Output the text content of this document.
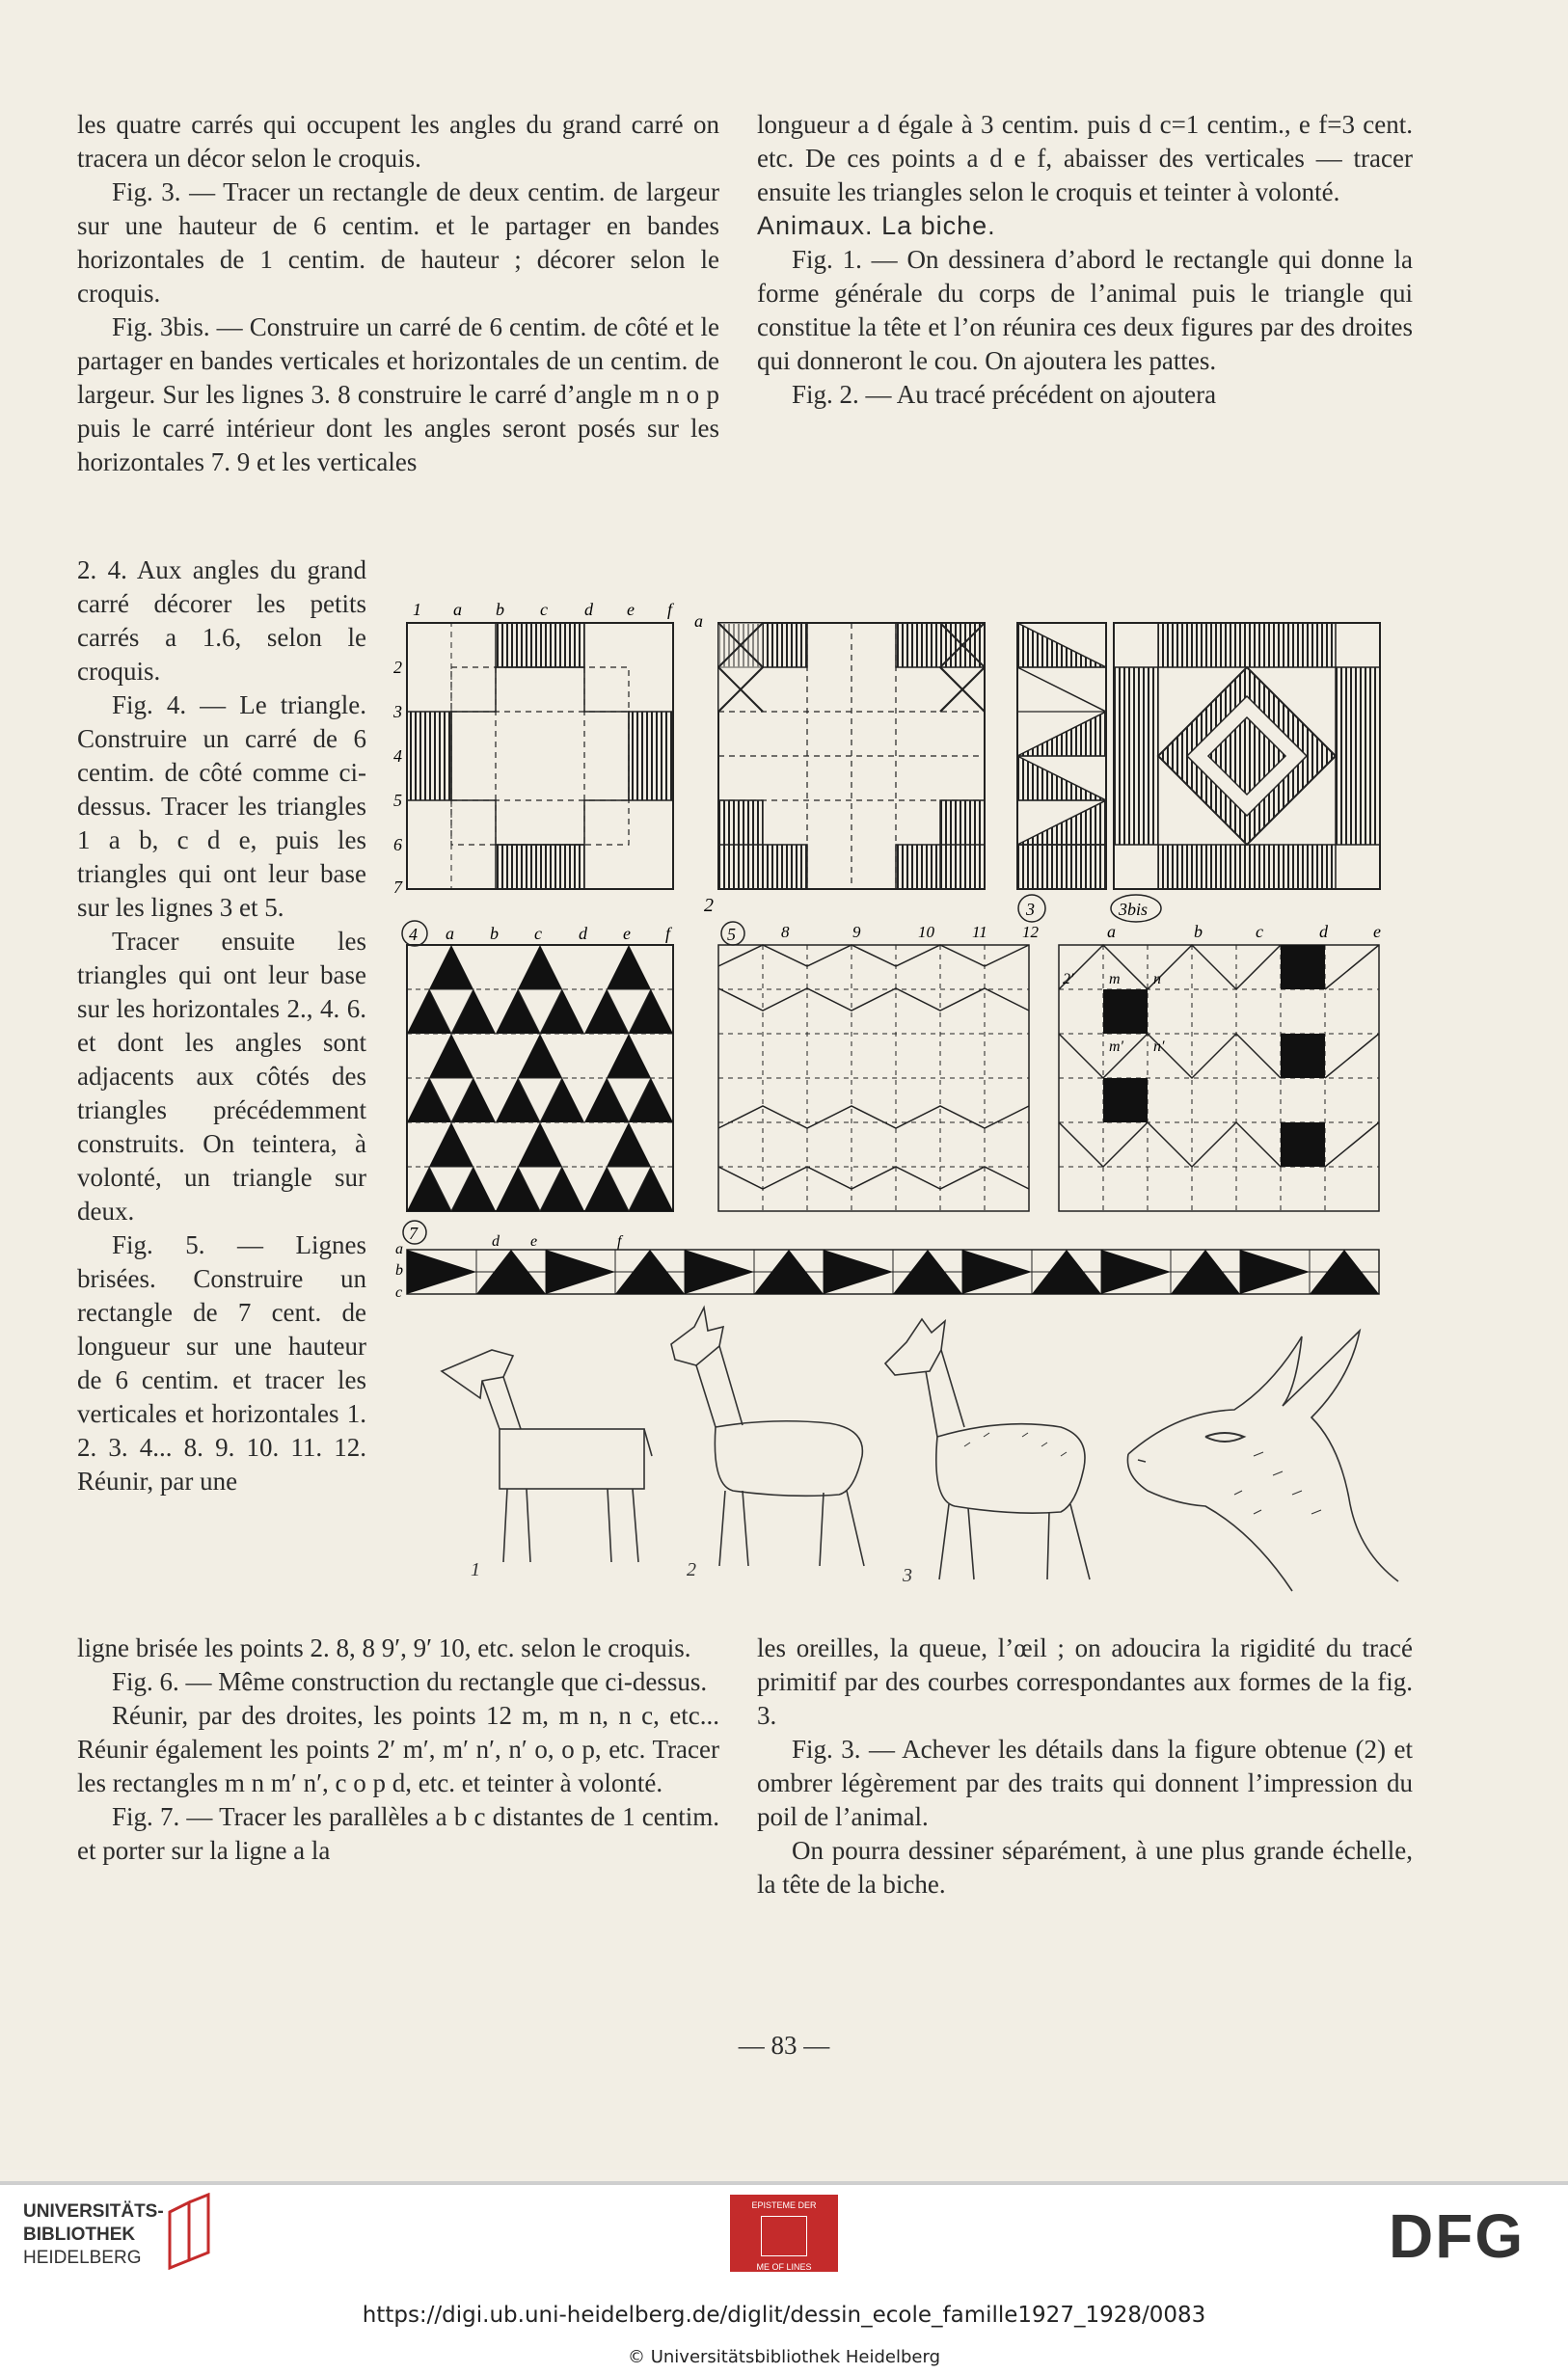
les quatre carrés qui occupent les angles du grand carré on tracera un décor selon le croquis.

Fig. 3. — Tracer un rectangle de deux centim. de largeur sur une hauteur de 6 centim. et le partager en bandes horizontales de 1 centim. de hauteur ; décorer selon le croquis.

Fig. 3bis. — Construire un carré de 6 centim. de côté et le partager en bandes verticales et horizontales de un centim. de largeur. Sur les lignes 3. 8 construire le carré d’angle m n o p puis le carré intérieur dont les angles seront posés sur les horizontales 7. 9 et les verticales

2. 4. Aux angles du grand carré décorer les petits carrés a 1.6, selon le croquis.

Fig. 4. — Le triangle. Construire un carré de 6 centim. de côté comme ci-dessus. Tracer les triangles 1 a b, c d e, puis les triangles qui ont leur base sur les lignes 3 et 5.

Tracer ensuite les triangles qui ont leur base sur les horizontales 2., 4. 6. et dont les angles sont adjacents aux côtés des triangles précédemment construits. On teintera, à volonté, un triangle sur deux.

Fig. 5. — Lignes brisées. Construire un rectangle de 7 cent. de longueur sur une hauteur de 6 centim. et tracer les verticales et horizontales 1. 2. 3. 4... 8. 9. 10. 11. 12. Réunir, par une

ligne brisée les points 2. 8, 8 9′, 9′ 10, etc. selon le croquis.

Fig. 6. — Même construction du rectangle que ci-dessus.

Réunir, par des droites, les points 12 m, m n, n c, etc... Réunir également les points 2′ m′, m′ n′, n′ o, o p, etc. Tracer les rectangles m n m′ n′, c o p d, etc. et teinter à volonté.

Fig. 7. — Tracer les parallèles a b c distantes de 1 centim. et porter sur la ligne a la

longueur a d égale à 3 centim. puis d c=1 centim., e f=3 cent. etc. De ces points a d e f, abaisser des verticales — tracer ensuite les triangles selon le croquis et teinter à volonté.

Animaux. La biche.

Fig. 1. — On dessinera d’abord le rectangle qui donne la forme générale du corps de l’animal puis le triangle qui constitue la tête et l’on réunira ces deux figures par des droites qui donneront le cou. On ajoutera les pattes.

Fig. 2. — Au tracé précédent on ajoutera

les oreilles, la queue, l’œil ; on adoucira la rigidité du tracé primitif par des courbes correspondantes aux formes de la fig. 3.

Fig. 3. — Achever les détails dans la figure obtenue (2) et ombrer légèrement par des traits qui donnent l’impression du poil de l’animal.

On pourra dessiner séparément, à une plus grande échelle, la tête de la biche.

1 a b c d e f
2
3
4
5
6
7
a
2	3	3bis
4 a b c d e f	5	8	9	10 11 12	a	b	c	d	e
m n
m′ n′
2′
7
a
b
c
d e	f
1	2	3
— 83 —
UNIVERSITÄTS-
BIBLIOTHEK
HEIDELBERG
EPISTEME DER
ME OF LINES	DFG
https://digi.ub.uni-heidelberg.de/diglit/dessin_ecole_famille1927_1928/0083
© Universitätsbibliothek Heidelberg
